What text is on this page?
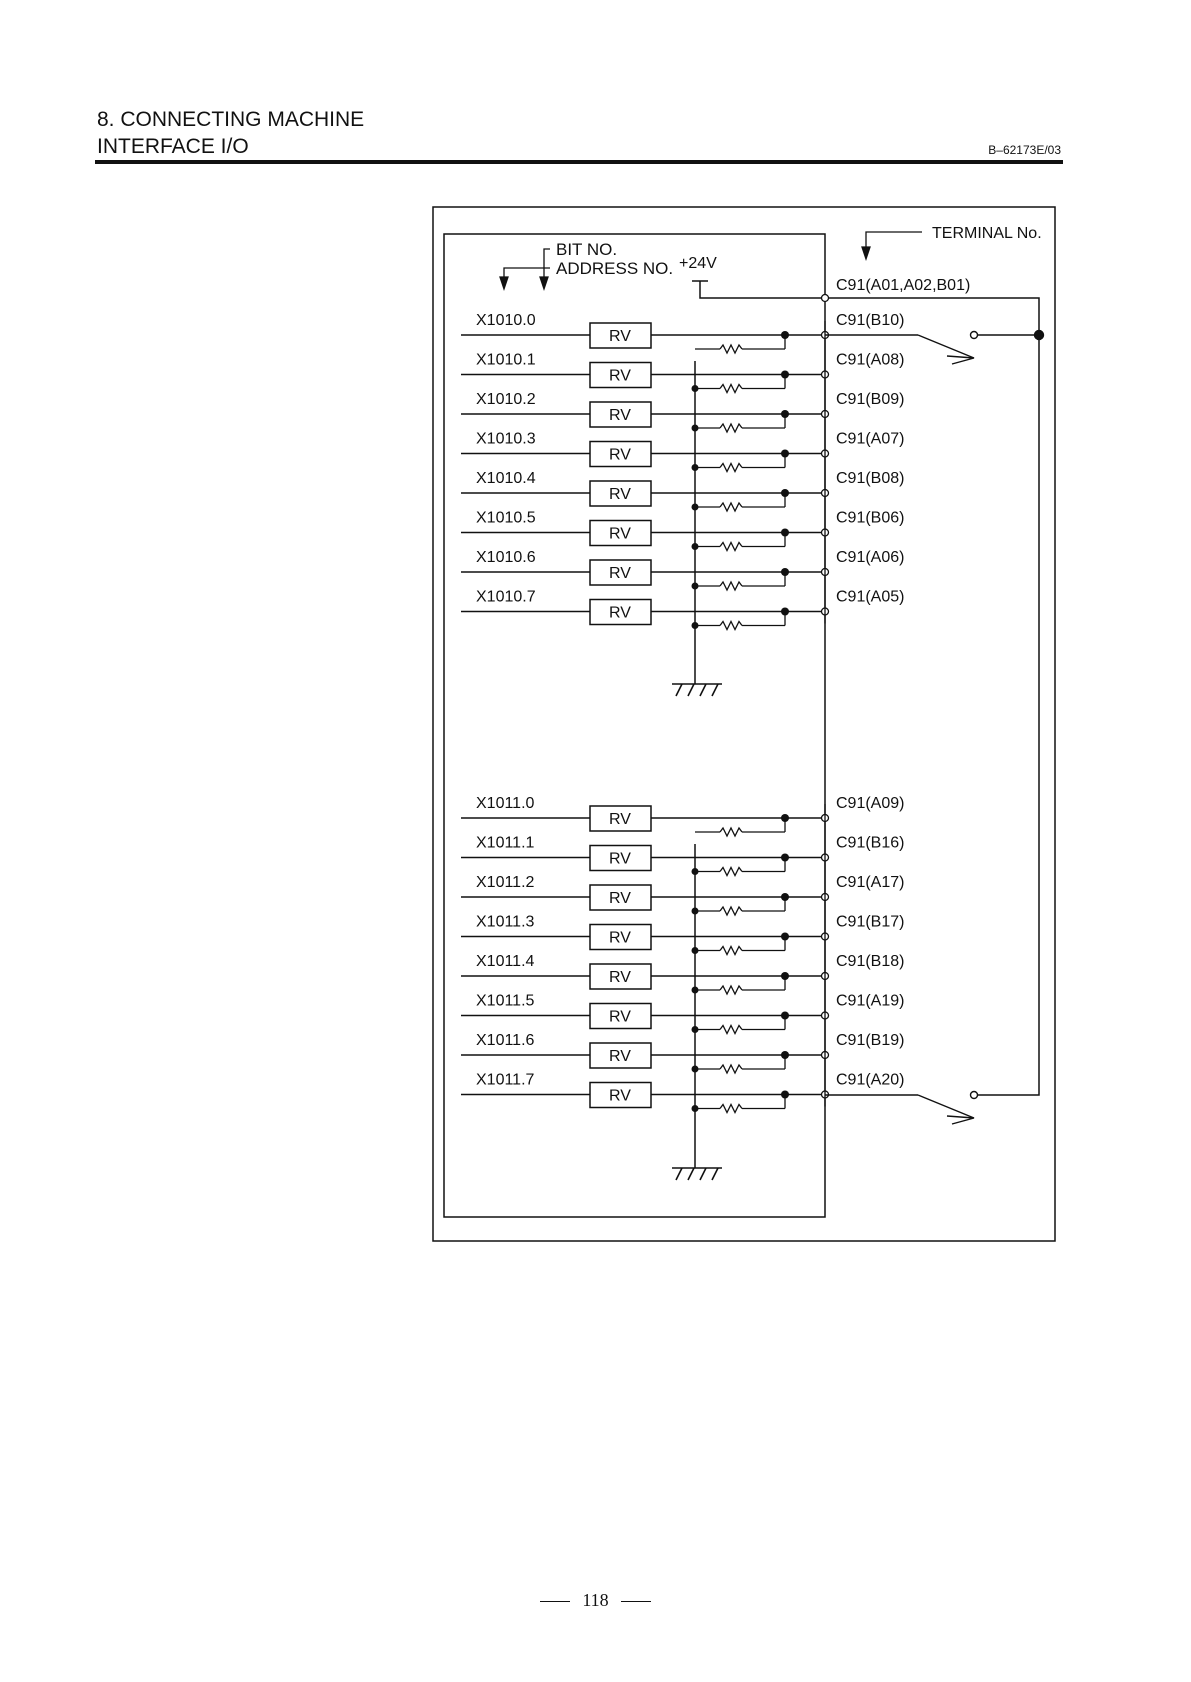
8. CONNECTING MACHINE
INTERFACE I/O	B–62173E/03
BIT NO.
ADDRESS NO. +24V
TERMINAL No.
C91(A01,A02,B01)
X1010.0
RV
C91(B10)
X1010.1
RV
C91(A08)
X1010.2
RV
C91(B09)
X1010.3
RV
C91(A07)
X1010.4
RV
C91(B08)
X1010.5
RV
C91(B06)
X1010.6
RV
C91(A06)
X1010.7
RV
C91(A05)
X1011.0
RV
C91(A09)
X1011.1
RV
C91(B16)
X1011.2
RV
C91(A17)
X1011.3
RV
C91(B17)
X1011.4
RV
C91(B18)
X1011.5
RV
C91(A19)
X1011.6
RV
C91(B19)
X1011.7
RV
C91(A20)
118
